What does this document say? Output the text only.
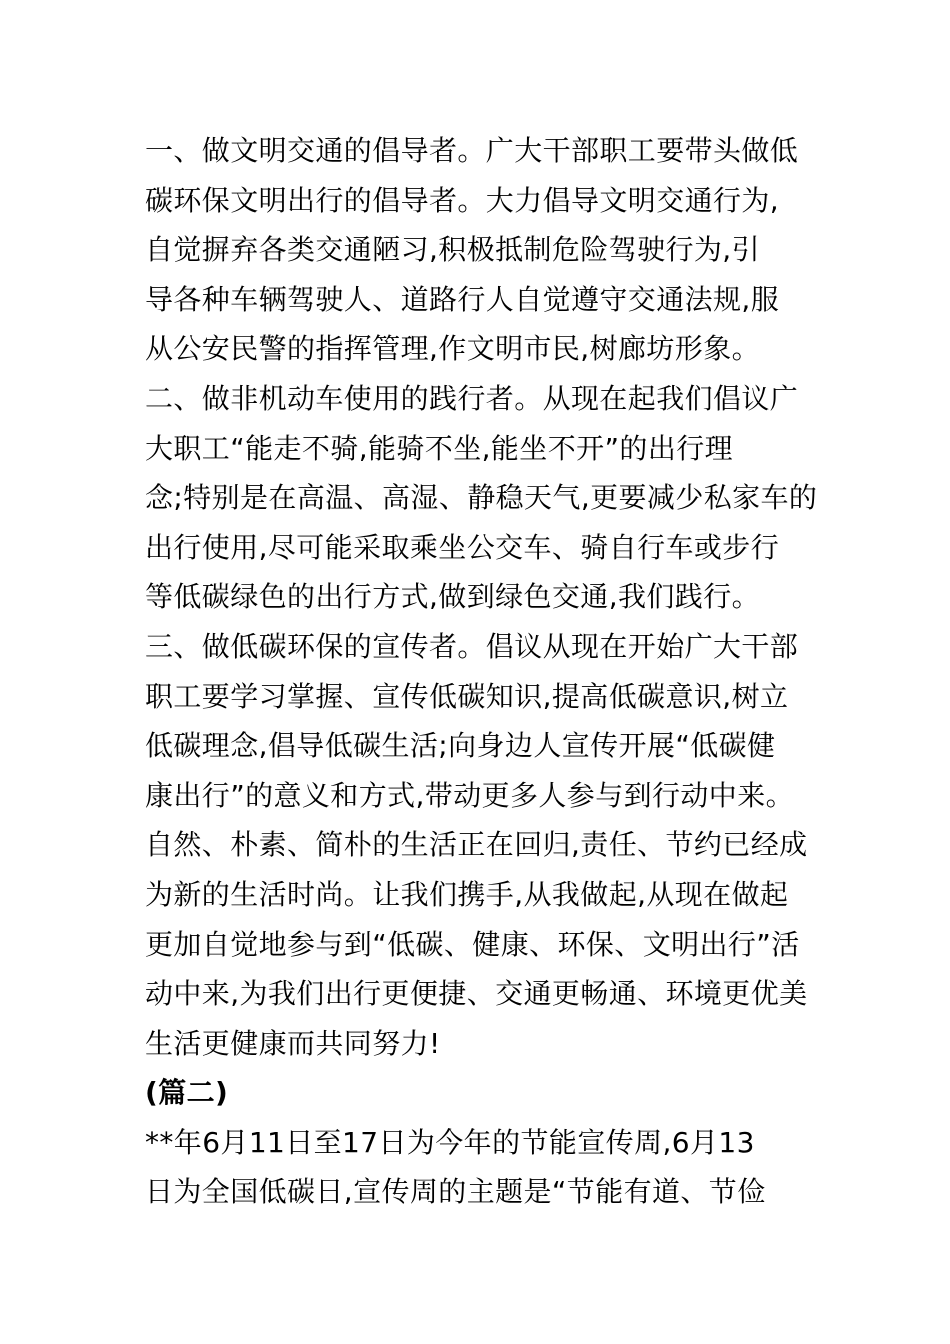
一、做文明交通的倡导者。广大干部职工要带头做低
碳环保文明出行的倡导者。大力倡导文明交通行为,
自觉摒弃各类交通陋习,积极抵制危险驾驶行为,引
导各种车辆驾驶人、道路行人自觉遵守交通法规,服
从公安民警的指挥管理,作文明市民,树廊坊形象。
二、做非机动车使用的践行者。从现在起我们倡议广
大职工“能走不骑,能骑不坐,能坐不开”的出行理
念;特别是在高温、高湿、静稳天气,更要减少私家车的
出行使用,尽可能采取乘坐公交车、骑自行车或步行
等低碳绿色的出行方式,做到绿色交通,我们践行。
三、做低碳环保的宣传者。倡议从现在开始广大干部
职工要学习掌握、宣传低碳知识,提高低碳意识,树立
低碳理念,倡导低碳生活;向身边人宣传开展“低碳健
康出行”的意义和方式,带动更多人参与到行动中来。
自然、朴素、简朴的生活正在回归,责任、节约已经成
为新的生活时尚。让我们携手,从我做起,从现在做起
更加自觉地参与到“低碳、健康、环保、文明出行”活
动中来,为我们出行更便捷、交通更畅通、环境更优美
生活更健康而共同努力!
(篇二)
**年6月11日至17日为今年的节能宣传周,6月13
日为全国低碳日,宣传周的主题是“节能有道、节俭
